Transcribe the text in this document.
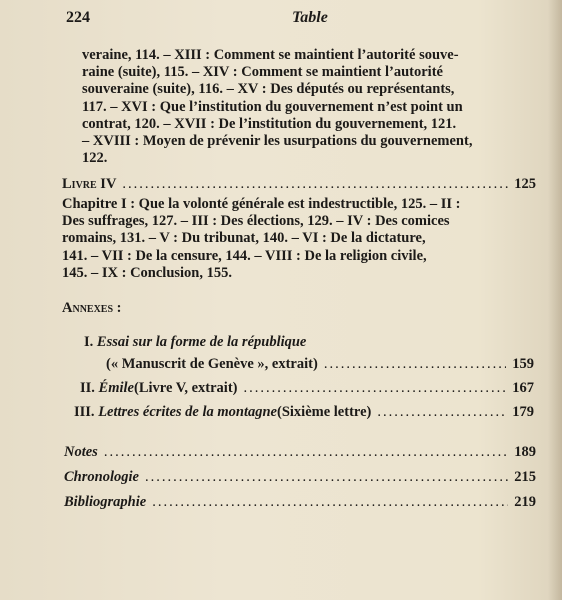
224	Table

veraine, 114. – XIII : Comment se maintient l’autorité souve-

raine (suite), 115. – XIV : Comment se maintient l’autorité

souveraine (suite), 116. – XV : Des députés ou représentants,

117. – XVI : Que l’institution du gouvernement n’est point un

contrat, 120. – XVII : De l’institution du gouvernement, 121.

– XVIII : Moyen de prévenir les usurpations du gouvernement,

122.

Livre IV .....	125

Chapitre I : Que la volonté générale est indestructible, 125. – II :

Des suffrages, 127. – III : Des élections, 129. – IV : Des comices

romains, 131. – V : Du tribunat, 140. – VI : De la dictature,

141. – VII : De la censure, 144. – VIII : De la religion civile,

145. – IX : Conclusion, 155.

Annexes :
I.
Essai sur la forme de la république
(« Manuscrit de Genève », extrait) .....	159
II.
Émile (Livre V, extrait) .....	167
III.
Lettres écrites de la montagne (Sixième lettre) .....	179
Notes .....	189
Chronologie .....	215
Bibliographie .....	219
